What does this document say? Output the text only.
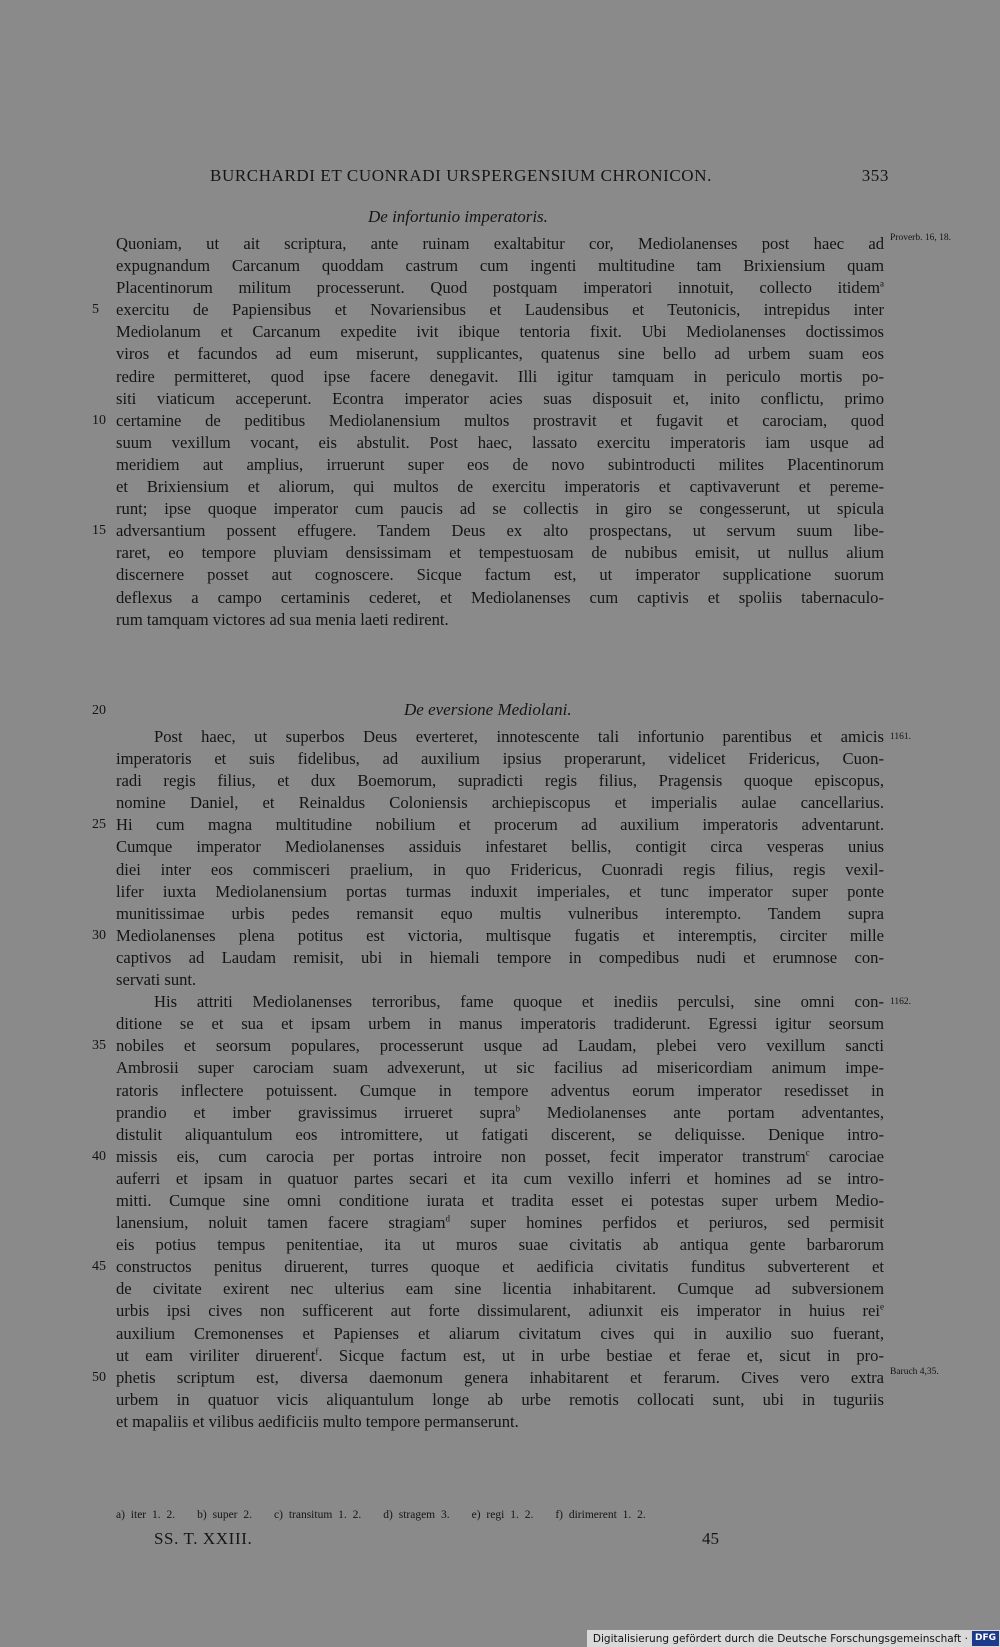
BURCHARDI ET CUONRADI URSPERGENSIUM CHRONICON.	353
De infortunio imperatoris.
Quoniam, ut ait scriptura, ante ruinam exaltabitur cor, Mediolanenses post haec ad Proverb. 16, 18.
expugnandum Carcanum quoddam castrum cum ingenti multitudine tam Brixiensium quam
Placentinorum militum processerunt. Quod postquam imperatori innotuit, collecto itidem$^a$
5 exercitu de Papiensibus et Novariensibus et Laudensibus et Teutonicis, intrepidus inter
Mediolanum et Carcanum expedite ivit ibique tentoria fixit. Ubi Mediolanenses doctissimos
viros et facundos ad eum miserunt, supplicantes, quatenus sine bello ad urbem suam eos
redire permitteret, quod ipse facere denegavit. Illi igitur tamquam in periculo mortis po-
siti viaticum acceperunt. Econtra imperator acies suas disposuit et, inito conflictu, primo
10 certamine de peditibus Mediolanensium multos prostravit et fugavit et carociam, quod
suum vexillum vocant, eis abstulit. Post haec, lassato exercitu imperatoris iam usque ad
meridiem aut amplius, irruerunt super eos de novo subintroducti milites Placentinorum
et Brixiensium et aliorum, qui multos de exercitu imperatoris et captivaverunt et pereme-
runt; ipse quoque imperator cum paucis ad se collectis in giro se congesserunt, ut spicula
15 adversantium possent effugere. Tandem Deus ex alto prospectans, ut servum suum libe-
raret, eo tempore pluviam densissimam et tempestuosam de nubibus emisit, ut nullus alium
discernere posset aut cognoscere. Sicque factum est, ut imperator supplicatione suorum
deflexus a campo certaminis cederet, et Mediolanenses cum captivis et spoliis tabernaculo-
rum tamquam victores ad sua menia laeti redirent.
20	De eversione Mediolani.
Post haec, ut superbos Deus everteret, innotescente tali infortunio parentibus et amicis 1161.
imperatoris et suis fidelibus, ad auxilium ipsius properarunt, videlicet Fridericus, Cuon-
radi regis filius, et dux Boemorum, supradicti regis filius, Pragensis quoque episcopus,
nomine Daniel, et Reinaldus Coloniensis archiepiscopus et imperialis aulae cancellarius.
25 Hi cum magna multitudine nobilium et procerum ad auxilium imperatoris adventarunt.
Cumque imperator Mediolanenses assiduis infestaret bellis, contigit circa vesperas unius
diei inter eos commisceri praelium, in quo Fridericus, Cuonradi regis filius, regis vexil-
lifer iuxta Mediolanensium portas turmas induxit imperiales, et tunc imperator super ponte
munitissimae urbis pedes remansit equo multis vulneribus interempto. Tandem supra
30 Mediolanenses plena potitus est victoria, multisque fugatis et interemptis, circiter mille
captivos ad Laudam remisit, ubi in hiemali tempore in compedibus nudi et erumnose con-
servati sunt.
His attriti Mediolanenses terroribus, fame quoque et inediis perculsi, sine omni con- 1162.
ditione se et sua et ipsam urbem in manus imperatoris tradiderunt. Egressi igitur seorsum
35 nobiles et seorsum populares, processerunt usque ad Laudam, plebei vero vexillum sancti
Ambrosii super carociam suam advexerunt, ut sic facilius ad misericordiam animum impe-
ratoris inflectere potuissent. Cumque in tempore adventus eorum imperator resedisset in
prandio et imber gravissimus irrueret supra$^b$ Mediolanenses ante portam adventantes,
distulit aliquantulum eos intromittere, ut fatigati discerent, se deliquisse. Denique intro-
40 missis eis, cum carocia per portas introire non posset, fecit imperator transtrum$^c$ carociae
auferri et ipsam in quatuor partes secari et ita cum vexillo inferri et homines ad se intro-
mitti. Cumque sine omni conditione iurata et tradita esset ei potestas super urbem Medio-
lanensium, noluit tamen facere stragiam$^d$ super homines perfidos et periuros, sed permisit
eis potius tempus penitentiae, ita ut muros suae civitatis ab antiqua gente barbarorum
45 constructos penitus diruerent, turres quoque et aedificia civitatis funditus subverterent et
de civitate exirent nec ulterius eam sine licentia inhabitarent. Cumque ad subversionem
urbis ipsi cives non sufficerent aut forte dissimularent, adiunxit eis imperator in huius rei$^e$
auxilium Cremonenses et Papienses et aliarum civitatum cives qui in auxilio suo fuerant,
ut eam viriliter diruerent$^f$. Sicque factum est, ut in urbe bestiae et ferae et, sicut in pro-
50 phetis scriptum est, diversa daemonum genera inhabitarent et ferarum. Cives vero extra Baruch 4,35.
urbem in quatuor vicis aliquantulum longe ab urbe remotis collocati sunt, ubi in tuguriis
et mapaliis et vilibus aedificiis multo tempore permanserunt.
a) iter 1. 2. b) super 2. c) transitum 1. 2. d) stragem 3. e) regi 1. 2. f) dirimerent 1. 2.
SS. T. XXIII.	45
Digitalisierung gefördert durch die Deutsche Forschungsgemeinschaft · DFG
